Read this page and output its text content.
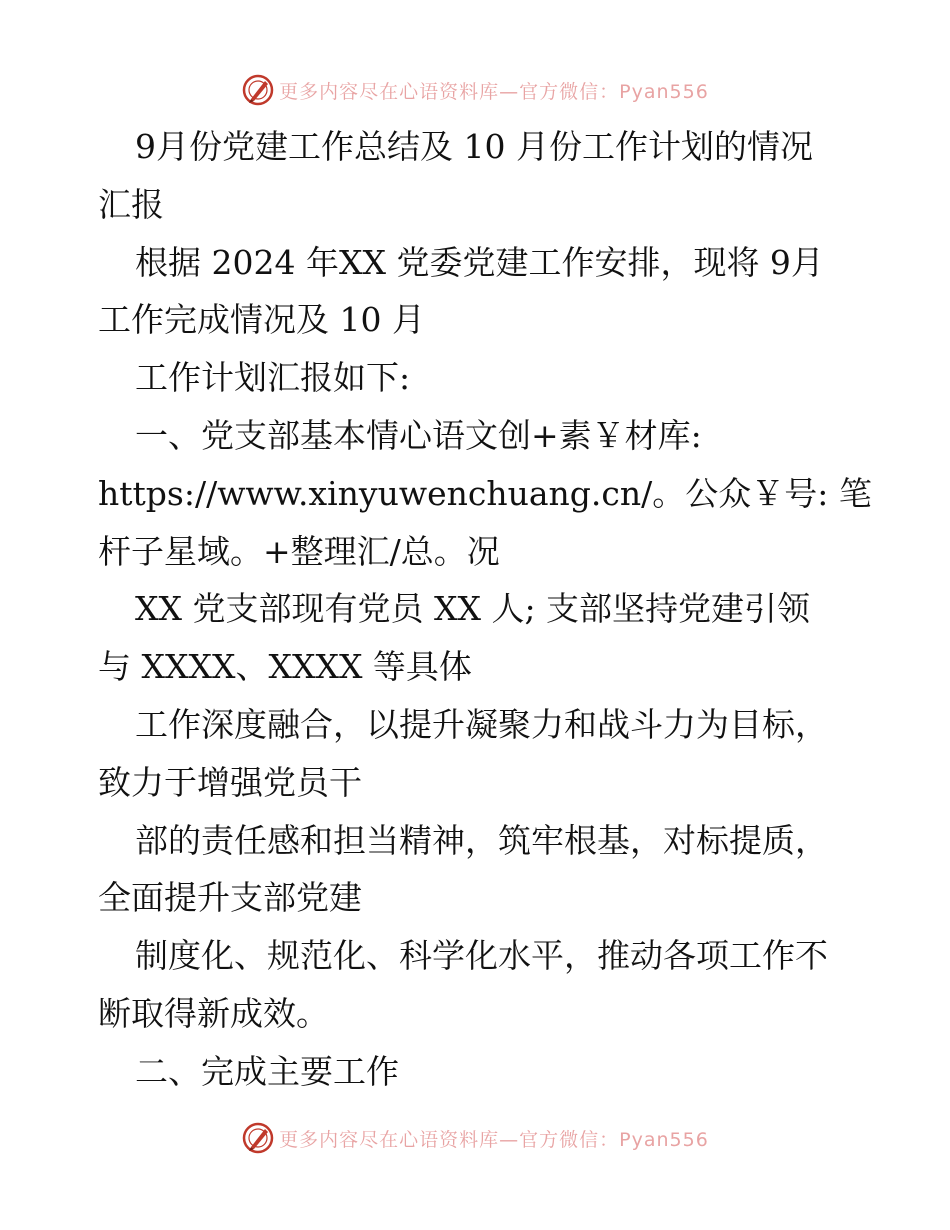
更多内容尽在心语资料库—官方微信：Pyan556
9月份党建工作总结及 10 月份工作计划的情况
汇报
根据 2024 年XX 党委党建工作安排，现将 9月
工作完成情况及 10 月
工作计划汇报如下:
一、党支部基本情心语文创+素￥材库:
https://www.xinyuwenchuang.cn/。公众￥号: 笔
杆子星域。+整理汇/总。况
XX 党支部现有党员 XX 人; 支部坚持党建引领
与 XXXX、XXXX 等具体
工作深度融合，以提升凝聚力和战斗力为目标，
致力于增强党员干
部的责任感和担当精神，筑牢根基，对标提质，
全面提升支部党建
制度化、规范化、科学化水平，推动各项工作不
断取得新成效。
二、完成主要工作
更多内容尽在心语资料库—官方微信：Pyan556
